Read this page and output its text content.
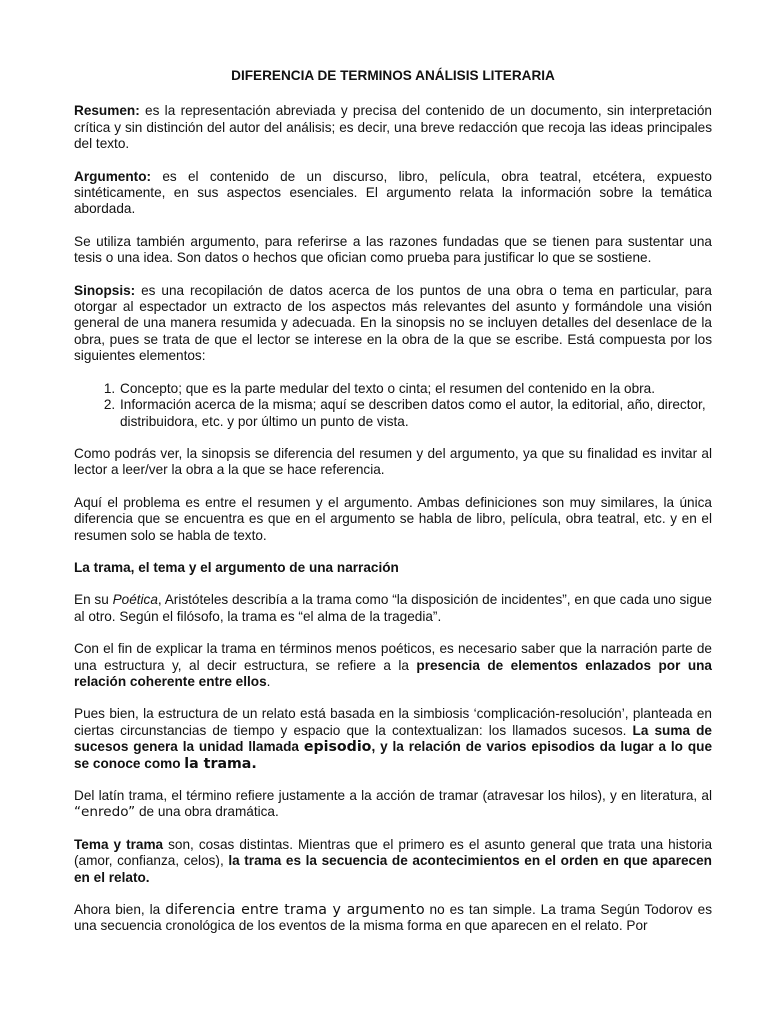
DIFERENCIA DE TERMINOS ANÁLISIS LITERARIA

Resumen: es la representación abreviada y precisa del contenido de un documento, sin interpretación crítica y sin distinción del autor del análisis; es decir, una breve redacción que recoja las ideas principales del texto.

Argumento: es el contenido de un discurso, libro, película, obra teatral, etcétera, expuesto sintéticamente, en sus aspectos esenciales. El argumento relata la información sobre la temática abordada.

Se utiliza también argumento, para referirse a las razones fundadas que se tienen para sustentar una tesis o una idea. Son datos o hechos que ofician como prueba para justificar lo que se sostiene.

Sinopsis: es una recopilación de datos acerca de los puntos de una obra o tema en particular, para otorgar al espectador un extracto de los aspectos más relevantes del asunto y formándole una visión general de una manera resumida y adecuada. En la sinopsis no se incluyen detalles del desenlace de la obra, pues se trata de que el lector se interese en la obra de la que se escribe. Está compuesta por los siguientes elementos:

1. Concepto; que es la parte medular del texto o cinta; el resumen del contenido en la obra.
2. Información acerca de la misma; aquí se describen datos como el autor, la editorial, año, director, distribuidora, etc. y por último un punto de vista.

Como podrás ver, la sinopsis se diferencia del resumen y del argumento, ya que su finalidad es invitar al lector a leer/ver la obra a la que se hace referencia.

Aquí el problema es entre el resumen y el argumento. Ambas definiciones son muy similares, la única diferencia que se encuentra es que en el argumento se habla de libro, película, obra teatral, etc. y en el resumen solo se habla de texto.

La trama, el tema y el argumento de una narración

En su Poética, Aristóteles describía a la trama como “la disposición de incidentes”, en que cada uno sigue al otro. Según el filósofo, la trama es “el alma de la tragedia”.

Con el fin de explicar la trama en términos menos poéticos, es necesario saber que la narración parte de una estructura y, al decir estructura, se refiere a la presencia de elementos enlazados por una relación coherente entre ellos.

Pues bien, la estructura de un relato está basada en la simbiosis ‘complicación-resolución’, planteada en ciertas circunstancias de tiempo y espacio que la contextualizan: los llamados sucesos. La suma de sucesos genera la unidad llamada episodio, y la relación de varios episodios da lugar a lo que se conoce como la trama.

Del latín trama, el término refiere justamente a la acción de tramar (atravesar los hilos), y en literatura, al “enredo” de una obra dramática.

Tema y trama son, cosas distintas. Mientras que el primero es el asunto general que trata una historia (amor, confianza, celos), la trama es la secuencia de acontecimientos en el orden en que aparecen en el relato.

Ahora bien, la diferencia entre trama y argumento no es tan simple. La trama Según Todorov es una secuencia cronológica de los eventos de la misma forma en que aparecen en el relato. Por
